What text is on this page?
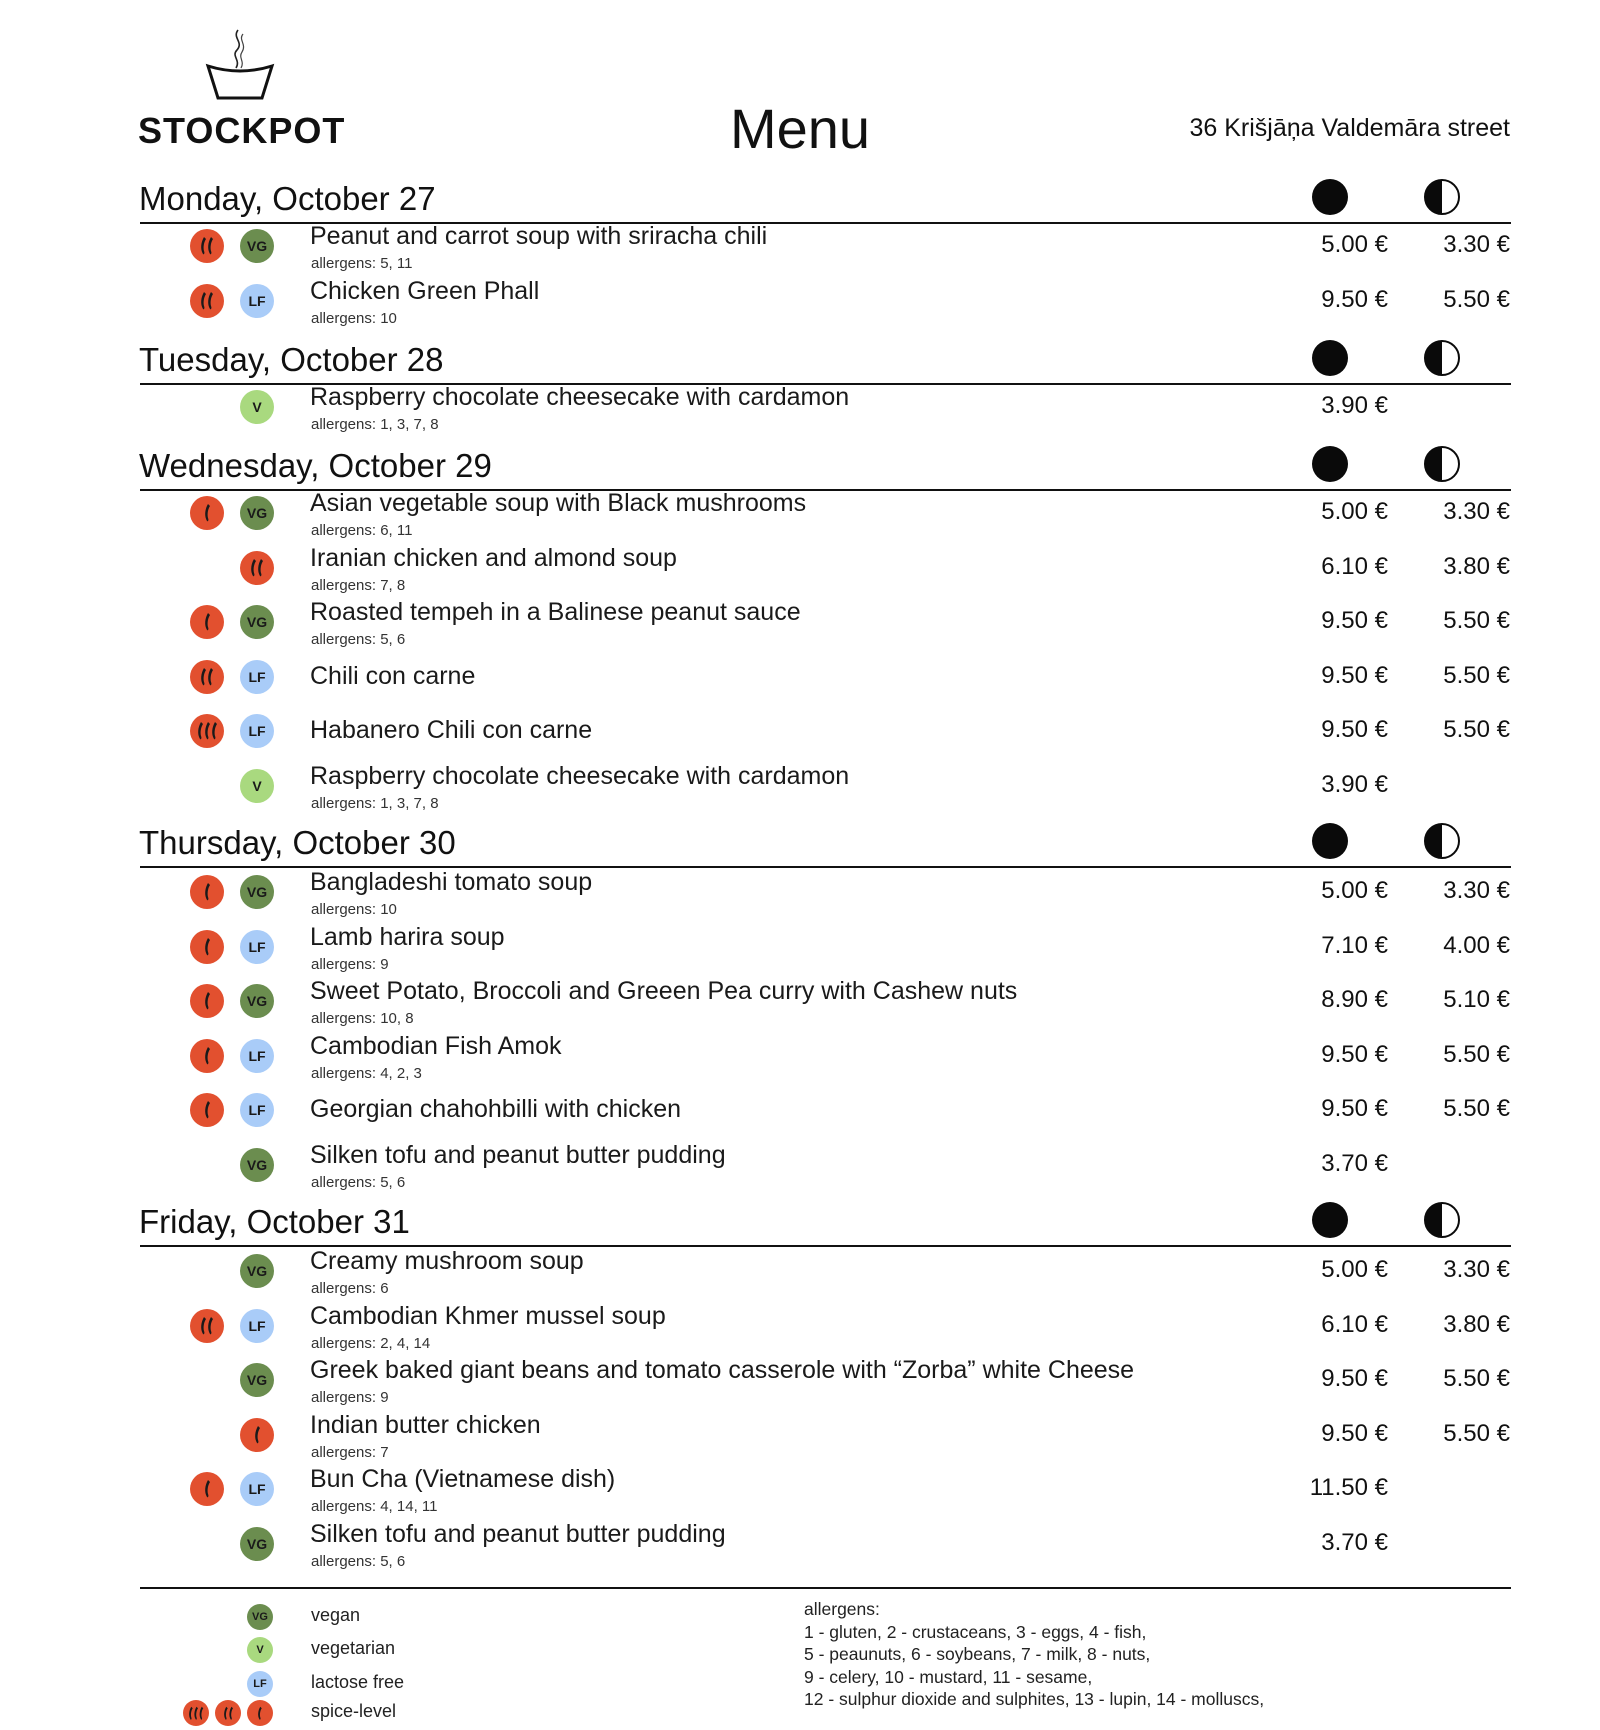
STOCKPOT	Menu	36 Krišjāņa Valdemāra street
Monday, October 27
VG Peanut and carrot soup with sriracha chili
allergens: 5, 11
5.00 €	3.30 €
LF	Chicken Green Phall
allergens: 10
9.50 €	5.50 €
Tuesday, October 28
V	Raspberry chocolate cheesecake with cardamon
allergens: 1, 3, 7, 8
3.90 €
Wednesday, October 29
VG Asian vegetable soup with Black mushrooms
allergens: 6, 11
5.00 €	3.30 €
Iranian chicken and almond soup
allergens: 7, 8
6.10 €	3.80 €
VG Roasted tempeh in a Balinese peanut sauce
allergens: 5, 6
9.50 €	5.50 €
LF	Chili con carne	9.50 €	5.50 €
LF	Habanero Chili con carne	9.50 €	5.50 €
V	Raspberry chocolate cheesecake with cardamon
allergens: 1, 3, 7, 8
3.90 €
Thursday, October 30
VG Bangladeshi tomato soup
allergens: 10
5.00 €	3.30 €
LF	Lamb harira soup
allergens: 9
7.10 €	4.00 €
VG Sweet Potato, Broccoli and Greeen Pea curry with Cashew nuts
allergens: 10, 8
8.90 €	5.10 €
LF	Cambodian Fish Amok
allergens: 4, 2, 3
9.50 €	5.50 €
LF	Georgian chahohbilli with chicken	9.50 €	5.50 €
VG Silken tofu and peanut butter pudding
allergens: 5, 6
3.70 €
Friday, October 31
VG Creamy mushroom soup
allergens: 6
5.00 €	3.30 €
LF	Cambodian Khmer mussel soup
allergens: 2, 4, 14
6.10 €	3.80 €
VG Greek baked giant beans and tomato casserole with “Zorba” white Cheese
allergens: 9
9.50 €	5.50 €
Indian butter chicken
allergens: 7
9.50 €	5.50 €
LF	Bun Cha (Vietnamese dish)
allergens: 4, 14, 11
11.50 €
VG Silken tofu and peanut butter pudding
allergens: 5, 6
3.70 €
VG vegan
V	vegetarian
LF	lactose free
spice-level
allergens:
1 - gluten, 2 - crustaceans, 3 - eggs, 4 - fish,
5 - peaunuts, 6 - soybeans, 7 - milk, 8 - nuts,
9 - celery, 10 - mustard, 11 - sesame,
12 - sulphur dioxide and sulphites, 13 - lupin, 14 - molluscs,
